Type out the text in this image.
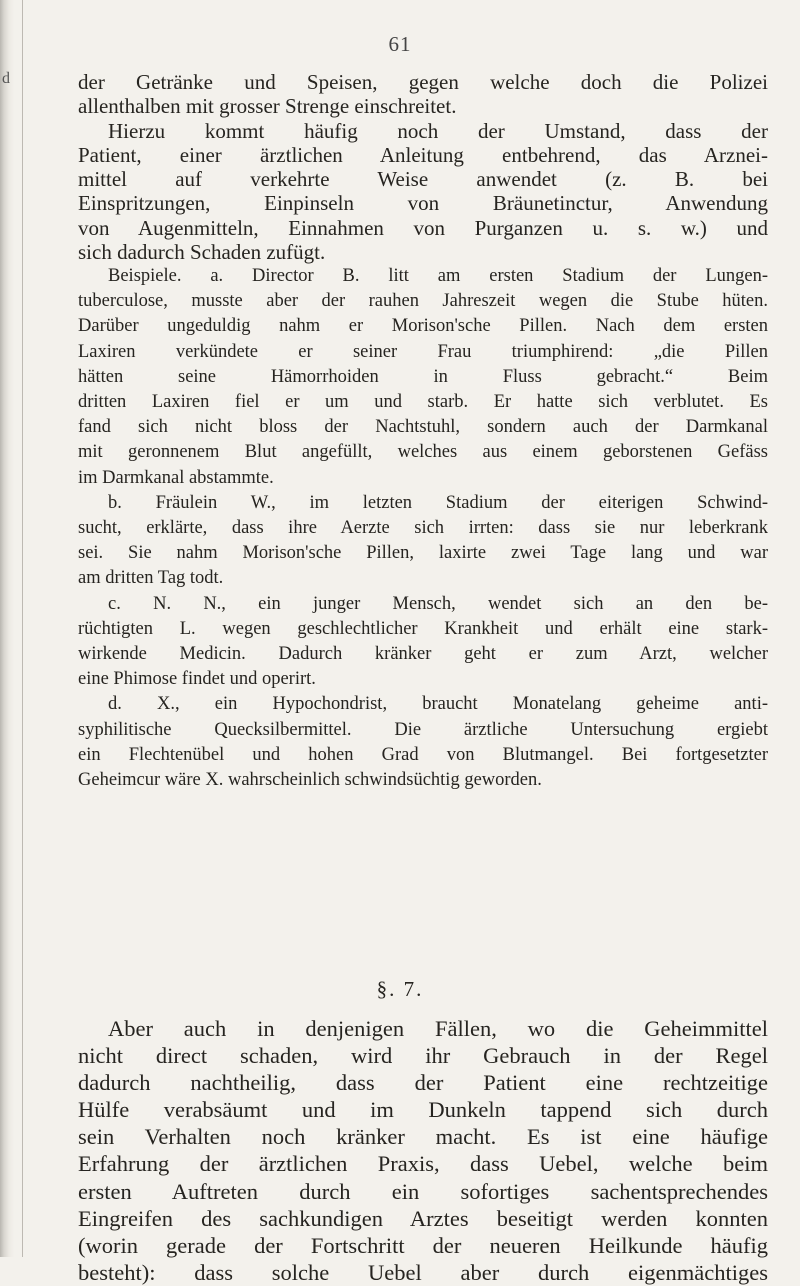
d
61
der Getränke und Speisen, gegen welche doch die Polizei
allenthalben mit grosser Strenge einschreitet.
Hierzu kommt häufig noch der Umstand, dass der
Patient, einer ärztlichen Anleitung entbehrend, das Arznei-
mittel auf verkehrte Weise anwendet (z. B. bei
Einspritzungen, Einpinseln von Bräunetinctur, Anwendung
von Augenmitteln, Einnahmen von Purganzen u. s. w.) und
sich dadurch Schaden zufügt.
Beispiele. a. Director B. litt am ersten Stadium der Lungen-
tuberculose, musste aber der rauhen Jahreszeit wegen die Stube hüten.
Darüber ungeduldig nahm er Morison'sche Pillen. Nach dem ersten
Laxiren verkündete er seiner Frau triumphirend: „die Pillen
hätten seine Hämorrhoiden in Fluss gebracht.“ Beim
dritten Laxiren fiel er um und starb. Er hatte sich verblutet. Es
fand sich nicht bloss der Nachtstuhl, sondern auch der Darmkanal
mit geronnenem Blut angefüllt, welches aus einem geborstenen Gefäss
im Darmkanal abstammte.
b. Fräulein W., im letzten Stadium der eiterigen Schwind-
sucht, erklärte, dass ihre Aerzte sich irrten: dass sie nur leberkrank
sei. Sie nahm Morison'sche Pillen, laxirte zwei Tage lang und war
am dritten Tag todt.
c. N. N., ein junger Mensch, wendet sich an den be-
rüchtigten L. wegen geschlechtlicher Krankheit und erhält eine stark-
wirkende Medicin. Dadurch kränker geht er zum Arzt, welcher
eine Phimose findet und operirt.
d. X., ein Hypochondrist, braucht Monatelang geheime anti-
syphilitische Quecksilbermittel. Die ärztliche Untersuchung ergiebt
ein Flechtenübel und hohen Grad von Blutmangel. Bei fortgesetzter
Geheimcur wäre X. wahrscheinlich schwindsüchtig geworden.
§. 7.
Aber auch in denjenigen Fällen, wo die Geheimmittel
nicht direct schaden, wird ihr Gebrauch in der Regel
dadurch nachtheilig, dass der Patient eine rechtzeitige
Hülfe verabsäumt und im Dunkeln tappend sich durch
sein Verhalten noch kränker macht. Es ist eine häufige
Erfahrung der ärztlichen Praxis, dass Uebel, welche beim
ersten Auftreten durch ein sofortiges sachentsprechendes
Eingreifen des sachkundigen Arztes beseitigt werden konnten
(worin gerade der Fortschritt der neueren Heilkunde häufig
besteht): dass solche Uebel aber durch eigenmächtiges
